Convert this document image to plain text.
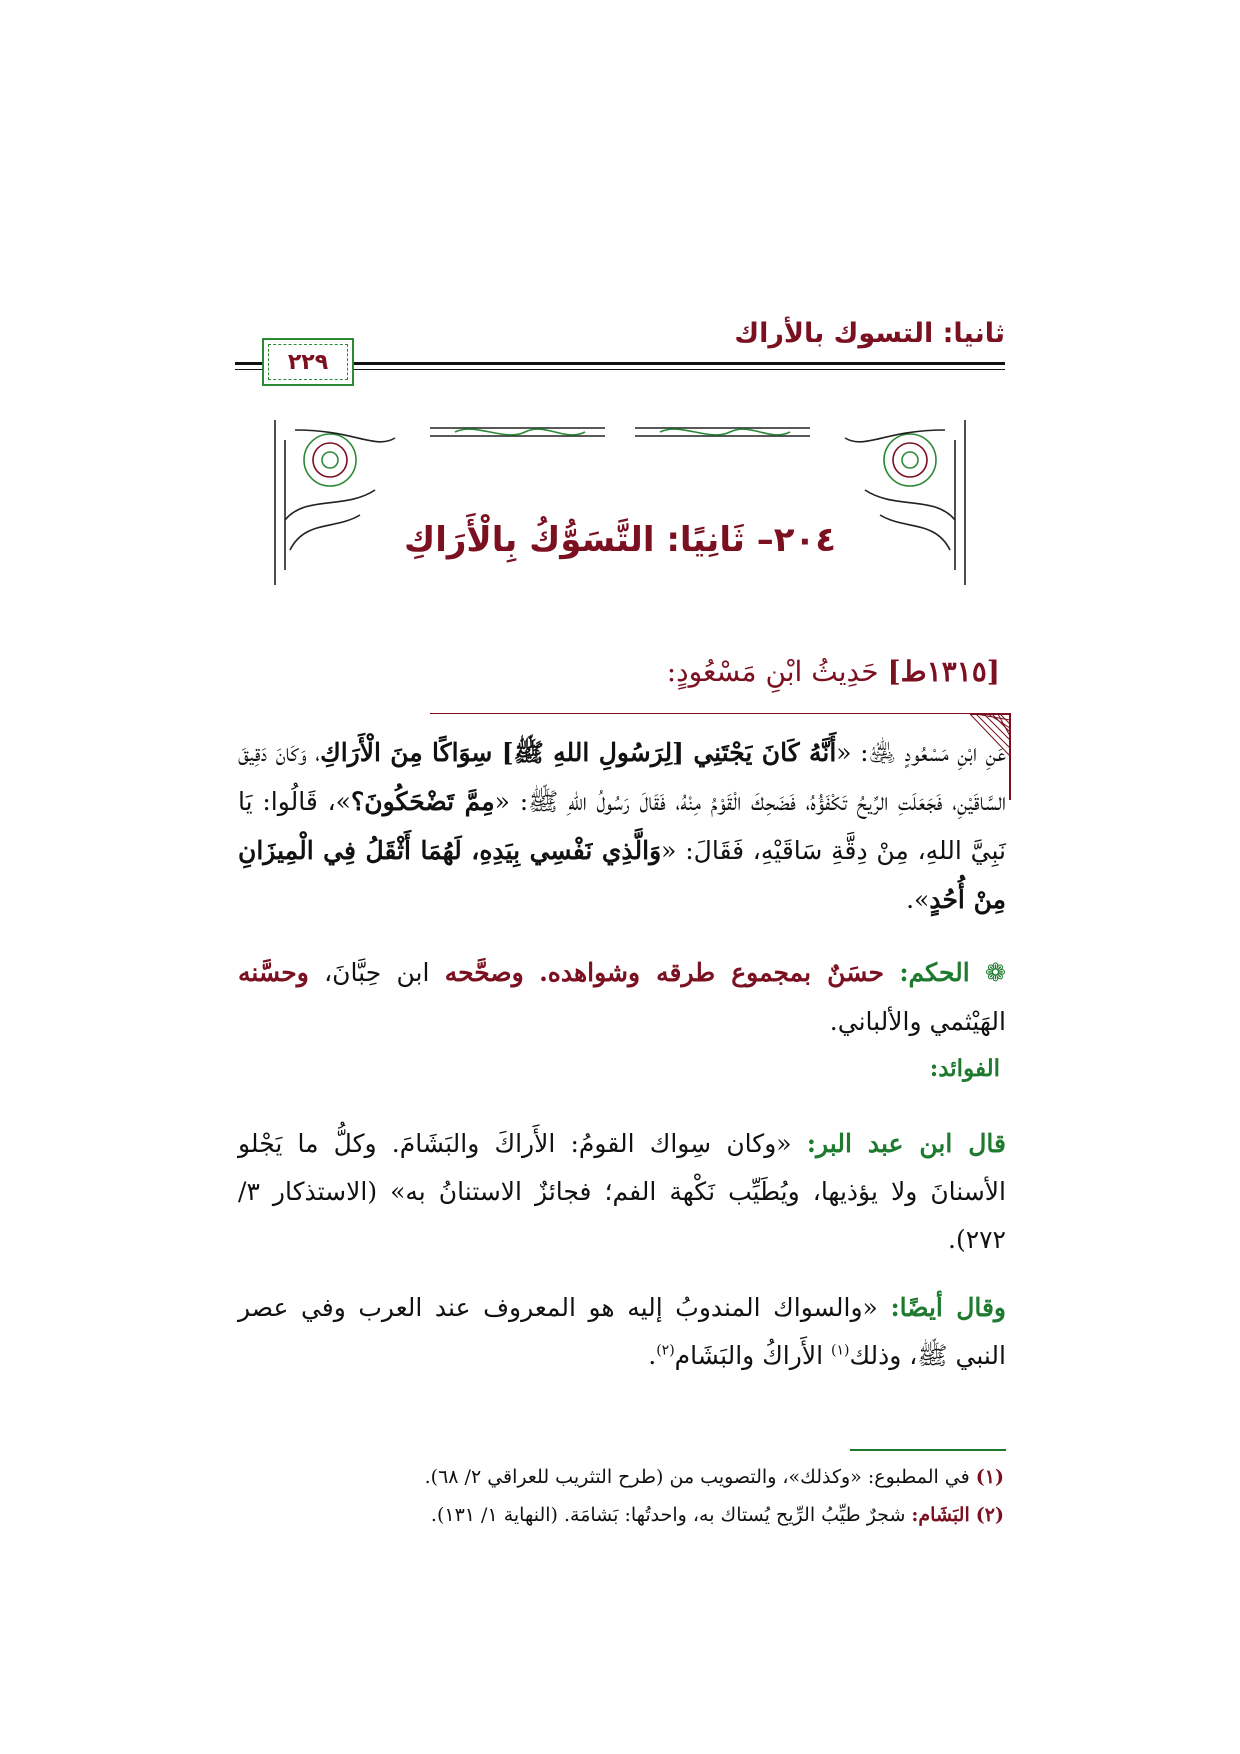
ثانيا: التسوك بالأراك
٢٢٩
٢٠٤– ثَانِيًا: التَّسَوُّكُ بِالْأَرَاكِ
[١٣١٥ط] حَدِيثُ ابْنِ مَسْعُودٍ:
عَنِ ابْنِ مَسْعُودٍ ﵁: «أَنَّهُ كَانَ يَجْتَنِي [لِرَسُولِ اللهِ ﷺ] سِوَاكًا مِنَ الْأَرَاكِ، وَكَانَ دَقِيقَ السَّاقَيْنِ، فَجَعَلَتِ الرِّيحُ تَكْفَؤُهُ، فَضَحِكَ الْقَوْمُ مِنْهُ، فَقَالَ رَسُولُ اللهِ ﷺ: «مِمَّ تَضْحَكُونَ؟»، قَالُوا: يَا نَبِيَّ اللهِ، مِنْ دِقَّةِ سَاقَيْهِ، فَقَالَ: «وَالَّذِي نَفْسِي بِيَدِهِ، لَهُمَا أَثْقَلُ فِي الْمِيزَانِ مِنْ أُحُدٍ».
❁ الحكم: حسَنٌ بمجموع طرقه وشواهده. وصحَّحه ابن حِبَّانَ، وحسَّنه الهَيْثمي والألباني.
الفوائد:
قال ابن عبد البر: «وكان سِواك القومُ: الأَراكَ والبَشَامَ. وكلُّ ما يَجْلو الأسنانَ ولا يؤذيها، ويُطَيِّب نَكْهة الفم؛ فجائزٌ الاستنانُ به» (الاستذكار ٣/ ٢٧٢).
وقال أيضًا: «والسواك المندوبُ إليه هو المعروف عند العرب وفي عصر النبي ﷺ، وذلك$^{(١)}$ الأَراكُ والبَشَام$^{(٢)}$.
(١) في المطبوع: «وكذلك»، والتصويب من (طرح التثريب للعراقي ٢/ ٦٨).
(٢) البَشَام: شجرٌ طيِّبُ الرِّيح يُستاك به، واحدتُها: بَشامَة. (النهاية ١/ ١٣١).
